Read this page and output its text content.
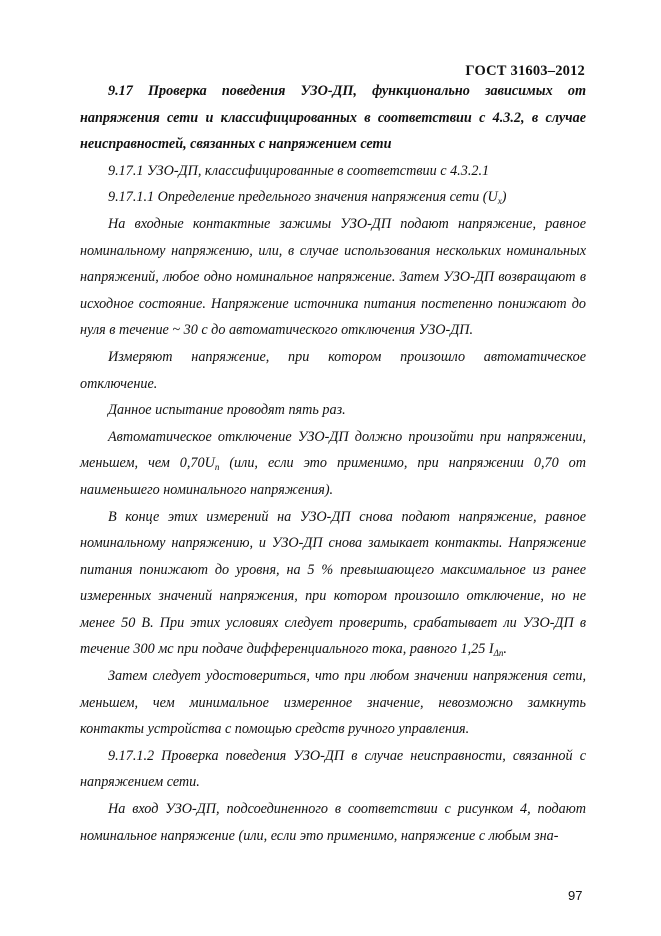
ГОСТ 31603–2012

9.17 Проверка поведения УЗО-ДП, функционально зависимых от напряжения сети и классифицированных в соответствии с 4.3.2, в случае неисправностей, связанных с напряжением сети

9.17.1 УЗО-ДП, классифицированные в соответствии с 4.3.2.1

9.17.1.1 Определение предельного значения напряжения сети $(U_x)$

На входные контактные зажимы УЗО-ДП подают напряжение, равное номинальному напряжению, или, в случае использования нескольких номинальных напряжений, любое одно номинальное напряжение. Затем УЗО-ДП возвращают в исходное состояние. Напряжение источника питания постепенно понижают до нуля в течение ~ 30 с до автоматического отключения УЗО-ДП.

Измеряют напряжение, при котором произошло автоматическое отключение.

Данное испытание проводят пять раз.

Автоматическое отключение УЗО-ДП должно произойти при напряжении, меньшем, чем $0,70U_n$ (или, если это применимо, при напряжении 0,70 от наименьшего номинального напряжения).

В конце этих измерений на УЗО-ДП снова подают напряжение, равное номинальному напряжению, и УЗО-ДП снова замыкает контакты. Напряжение питания понижают до уровня, на 5 % превышающего максимальное из ранее измеренных значений напряжения, при котором произошло отключение, но не менее 50 В. При этих условиях следует проверить, срабатывает ли УЗО-ДП в течение 300 мс при подаче дифференциального тока, равного 1,25 $I_{\Delta n}$.

Затем следует удостовериться, что при любом значении напряжения сети, меньшем, чем минимальное измеренное значение, невозможно замкнуть контакты устройства с помощью средств ручного управления.

9.17.1.2 Проверка поведения УЗО-ДП в случае неисправности, связанной с напряжением сети.

На вход УЗО-ДП, подсоединенного в соответствии с рисунком 4, подают номинальное напряжение (или, если это применимо, напряжение с любым зна-

97
